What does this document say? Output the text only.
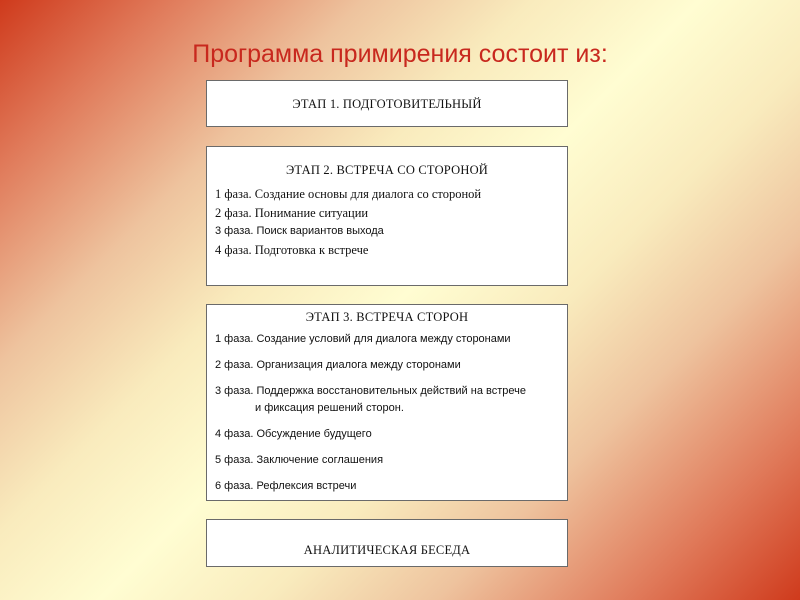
Программа примирения состоит из:
ЭТАП 1. ПОДГОТОВИТЕЛЬНЫЙ
ЭТАП 2. ВСТРЕЧА СО СТОРОНОЙ
1 фаза. Создание основы для диалога со стороной
2 фаза. Понимание ситуации
3 фаза. Поиск вариантов выхода
4 фаза. Подготовка к встрече
ЭТАП 3. ВСТРЕЧА СТОРОН
1 фаза. Создание условий для диалога между сторонами
2 фаза. Организация диалога между сторонами
3 фаза. Поддержка восстановительных действий на встрече
и фиксация решений сторон.
4 фаза. Обсуждение будущего
5 фаза. Заключение соглашения
6 фаза. Рефлексия встречи
АНАЛИТИЧЕСКАЯ БЕСЕДА
